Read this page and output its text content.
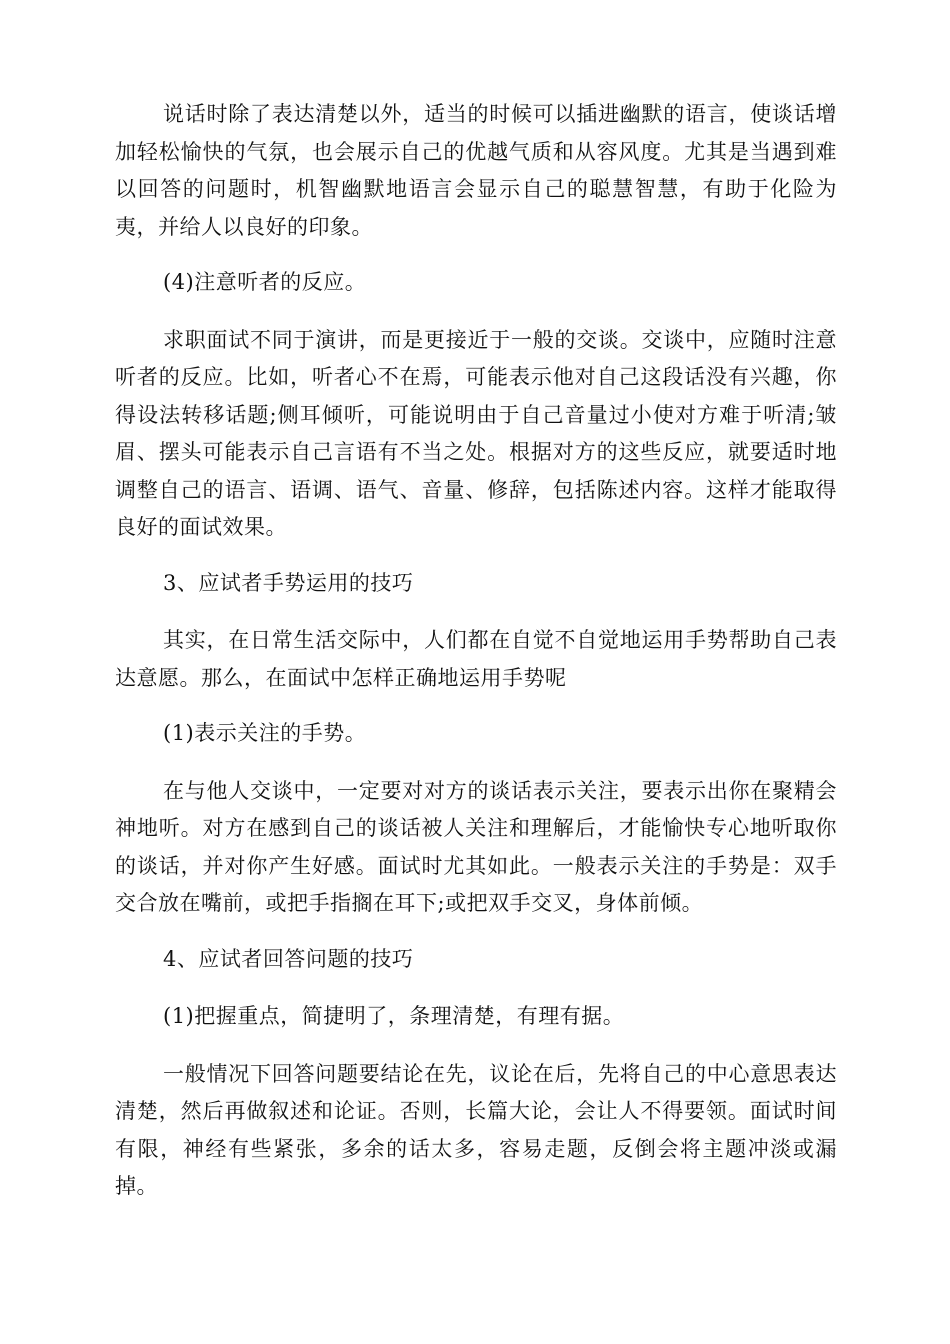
说话时除了表达清楚以外，适当的时候可以插进幽默的语言，使谈话增加轻松愉快的气氛，也会展示自己的优越气质和从容风度。尤其是当遇到难以回答的问题时，机智幽默地语言会显示自己的聪慧智慧，有助于化险为夷，并给人以良好的印象。

(4)注意听者的反应。

求职面试不同于演讲，而是更接近于一般的交谈。交谈中，应随时注意听者的反应。比如，听者心不在焉，可能表示他对自己这段话没有兴趣，你得设法转移话题;侧耳倾听，可能说明由于自己音量过小使对方难于听清;皱眉、摆头可能表示自己言语有不当之处。根据对方的这些反应，就要适时地调整自己的语言、语调、语气、音量、修辞，包括陈述内容。这样才能取得良好的面试效果。

3、应试者手势运用的技巧

其实，在日常生活交际中，人们都在自觉不自觉地运用手势帮助自己表达意愿。那么，在面试中怎样正确地运用手势呢

(1)表示关注的手势。

在与他人交谈中，一定要对对方的谈话表示关注，要表示出你在聚精会神地听。对方在感到自己的谈话被人关注和理解后，才能愉快专心地听取你的谈话，并对你产生好感。面试时尤其如此。一般表示关注的手势是：双手交合放在嘴前，或把手指搁在耳下;或把双手交叉，身体前倾。

4、应试者回答问题的技巧

(1)把握重点，简捷明了，条理清楚，有理有据。

一般情况下回答问题要结论在先，议论在后，先将自己的中心意思表达清楚，然后再做叙述和论证。否则，长篇大论，会让人不得要领。面试时间有限，神经有些紧张，多余的话太多，容易走题，反倒会将主题冲淡或漏掉。
